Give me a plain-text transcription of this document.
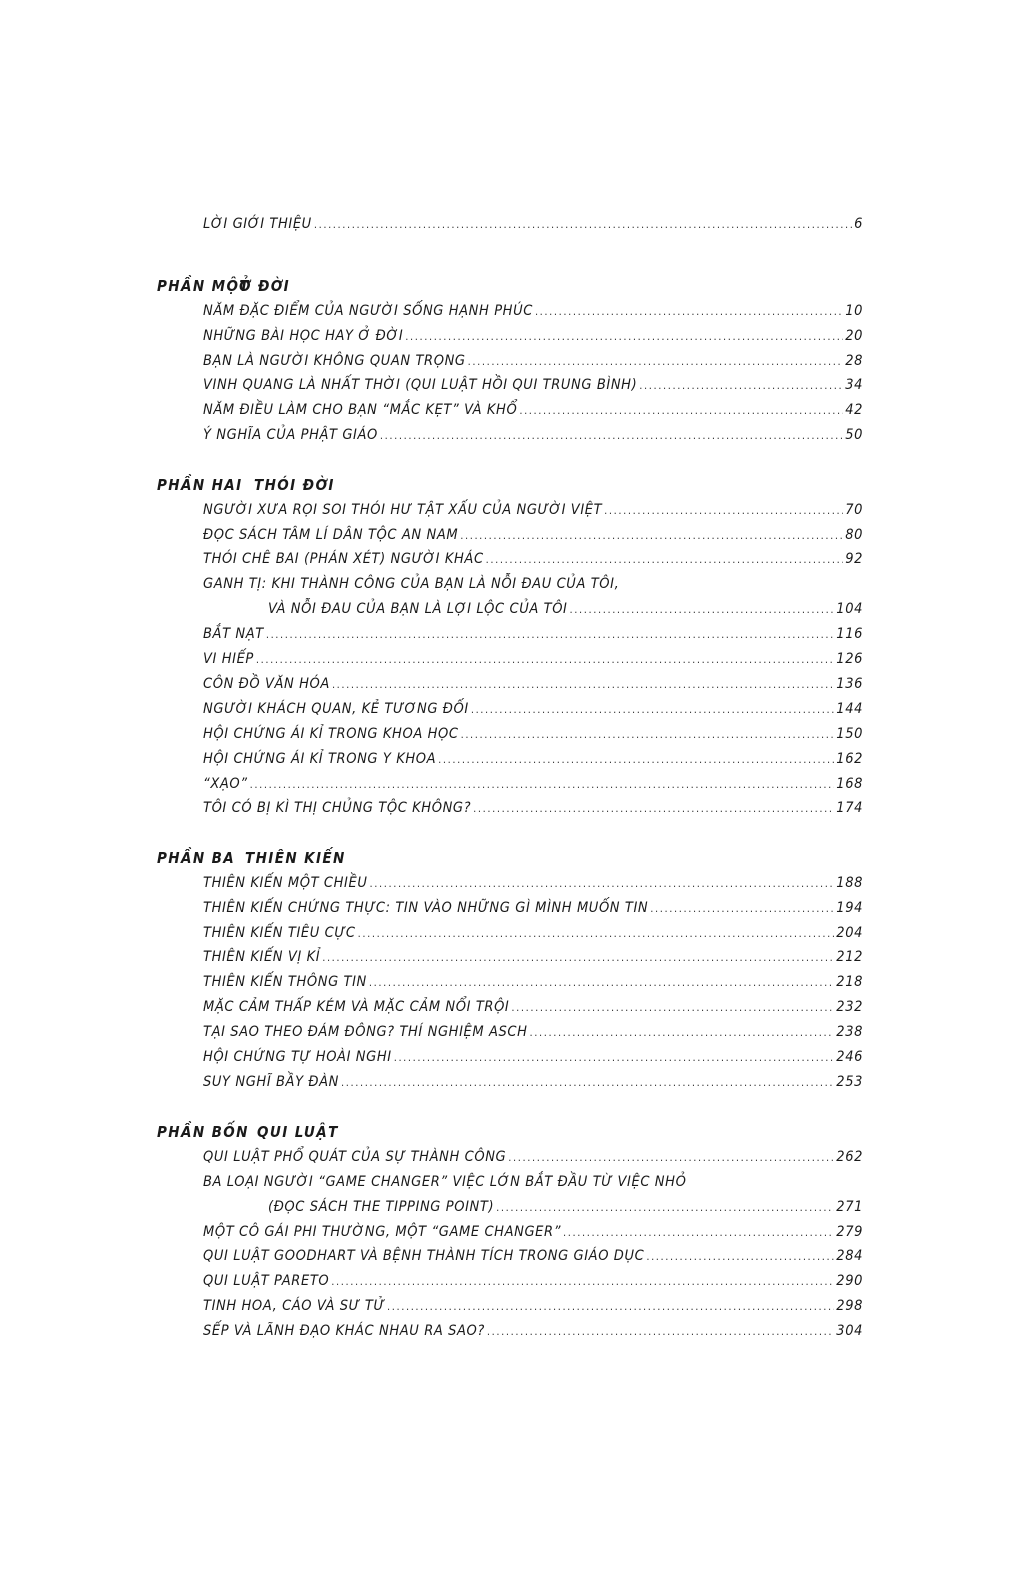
LỜI GIỚI THIỆU .....	6
PHẦN MỘTỞ ĐỜI
NĂM ĐẶC ĐIỂM CỦA NGƯỜI SỐNG HẠNH PHÚC .....	10
NHỮNG BÀI HỌC HAY Ở ĐỜI .....	20
BẠN LÀ NGƯỜI KHÔNG QUAN TRỌNG .....	28
VINH QUANG LÀ NHẤT THỜI (QUI LUẬT HỒI QUI TRUNG BÌNH) .....	34
NĂM ĐIỀU LÀM CHO BẠN “MẮC KẸT” VÀ KHỔ .....	42
Ý NGHĨA CỦA PHẬT GIÁO .....	50
PHẦN HAI THÓI ĐỜI
NGƯỜI XƯA RỌI SOI THÓI HƯ TẬT XẤU CỦA NGƯỜI VIỆT .....	70
ĐỌC SÁCH TÂM LÍ DÂN TỘC AN NAM .....	80
THÓI CHÊ BAI (PHÁN XÉT) NGƯỜI KHÁC .....	92
GANH TỊ: KHI THÀNH CÔNG CỦA BẠN LÀ NỖI ĐAU CỦA TÔI,
VÀ NỖI ĐAU CỦA BẠN LÀ LỢI LỘC CỦA TÔI .....	104
BẮT NẠT .....	116
VI HIẾP .....	126
CÔN ĐỒ VĂN HÓA .....	136
NGƯỜI KHÁCH QUAN, KẺ TƯƠNG ĐỐI .....	144
HỘI CHỨNG ÁI KỈ TRONG KHOA HỌC .....	150
HỘI CHỨNG ÁI KỈ TRONG Y KHOA .....	162
“XẠO” .....	168
TÔI CÓ BỊ KÌ THỊ CHỦNG TỘC KHÔNG? .....	174
PHẦN BA THIÊN KIẾN
THIÊN KIẾN MỘT CHIỀU .....	188
THIÊN KIẾN CHỨNG THỰC: TIN VÀO NHỮNG GÌ MÌNH MUỐN TIN .....	194
THIÊN KIẾN TIÊU CỰC .....	204
THIÊN KIẾN VỊ KỈ .....	212
THIÊN KIẾN THÔNG TIN .....	218
MẶC CẢM THẤP KÉM VÀ MẶC CẢM NỔI TRỘI .....	232
TẠI SAO THEO ĐÁM ĐÔNG? THÍ NGHIỆM ASCH .....	238
HỘI CHỨNG TỰ HOÀI NGHI .....	246
SUY NGHĨ BẦY ĐÀN .....	253
PHẦN BỐN QUI LUẬT
QUI LUẬT PHỔ QUÁT CỦA SỰ THÀNH CÔNG .....	262
BA LOẠI NGƯỜI “GAME CHANGER” VIỆC LỚN BẮT ĐẦU TỪ VIỆC NHỎ
(ĐỌC SÁCH THE TIPPING POINT) .....	271
MỘT CÔ GÁI PHI THƯỜNG, MỘT “GAME CHANGER” .....	279
QUI LUẬT GOODHART VÀ BỆNH THÀNH TÍCH TRONG GIÁO DỤC .....	284
QUI LUẬT PARETO .....	290
TINH HOA, CÁO VÀ SƯ TỬ .....	298
SẾP VÀ LÃNH ĐẠO KHÁC NHAU RA SAO? .....	304
